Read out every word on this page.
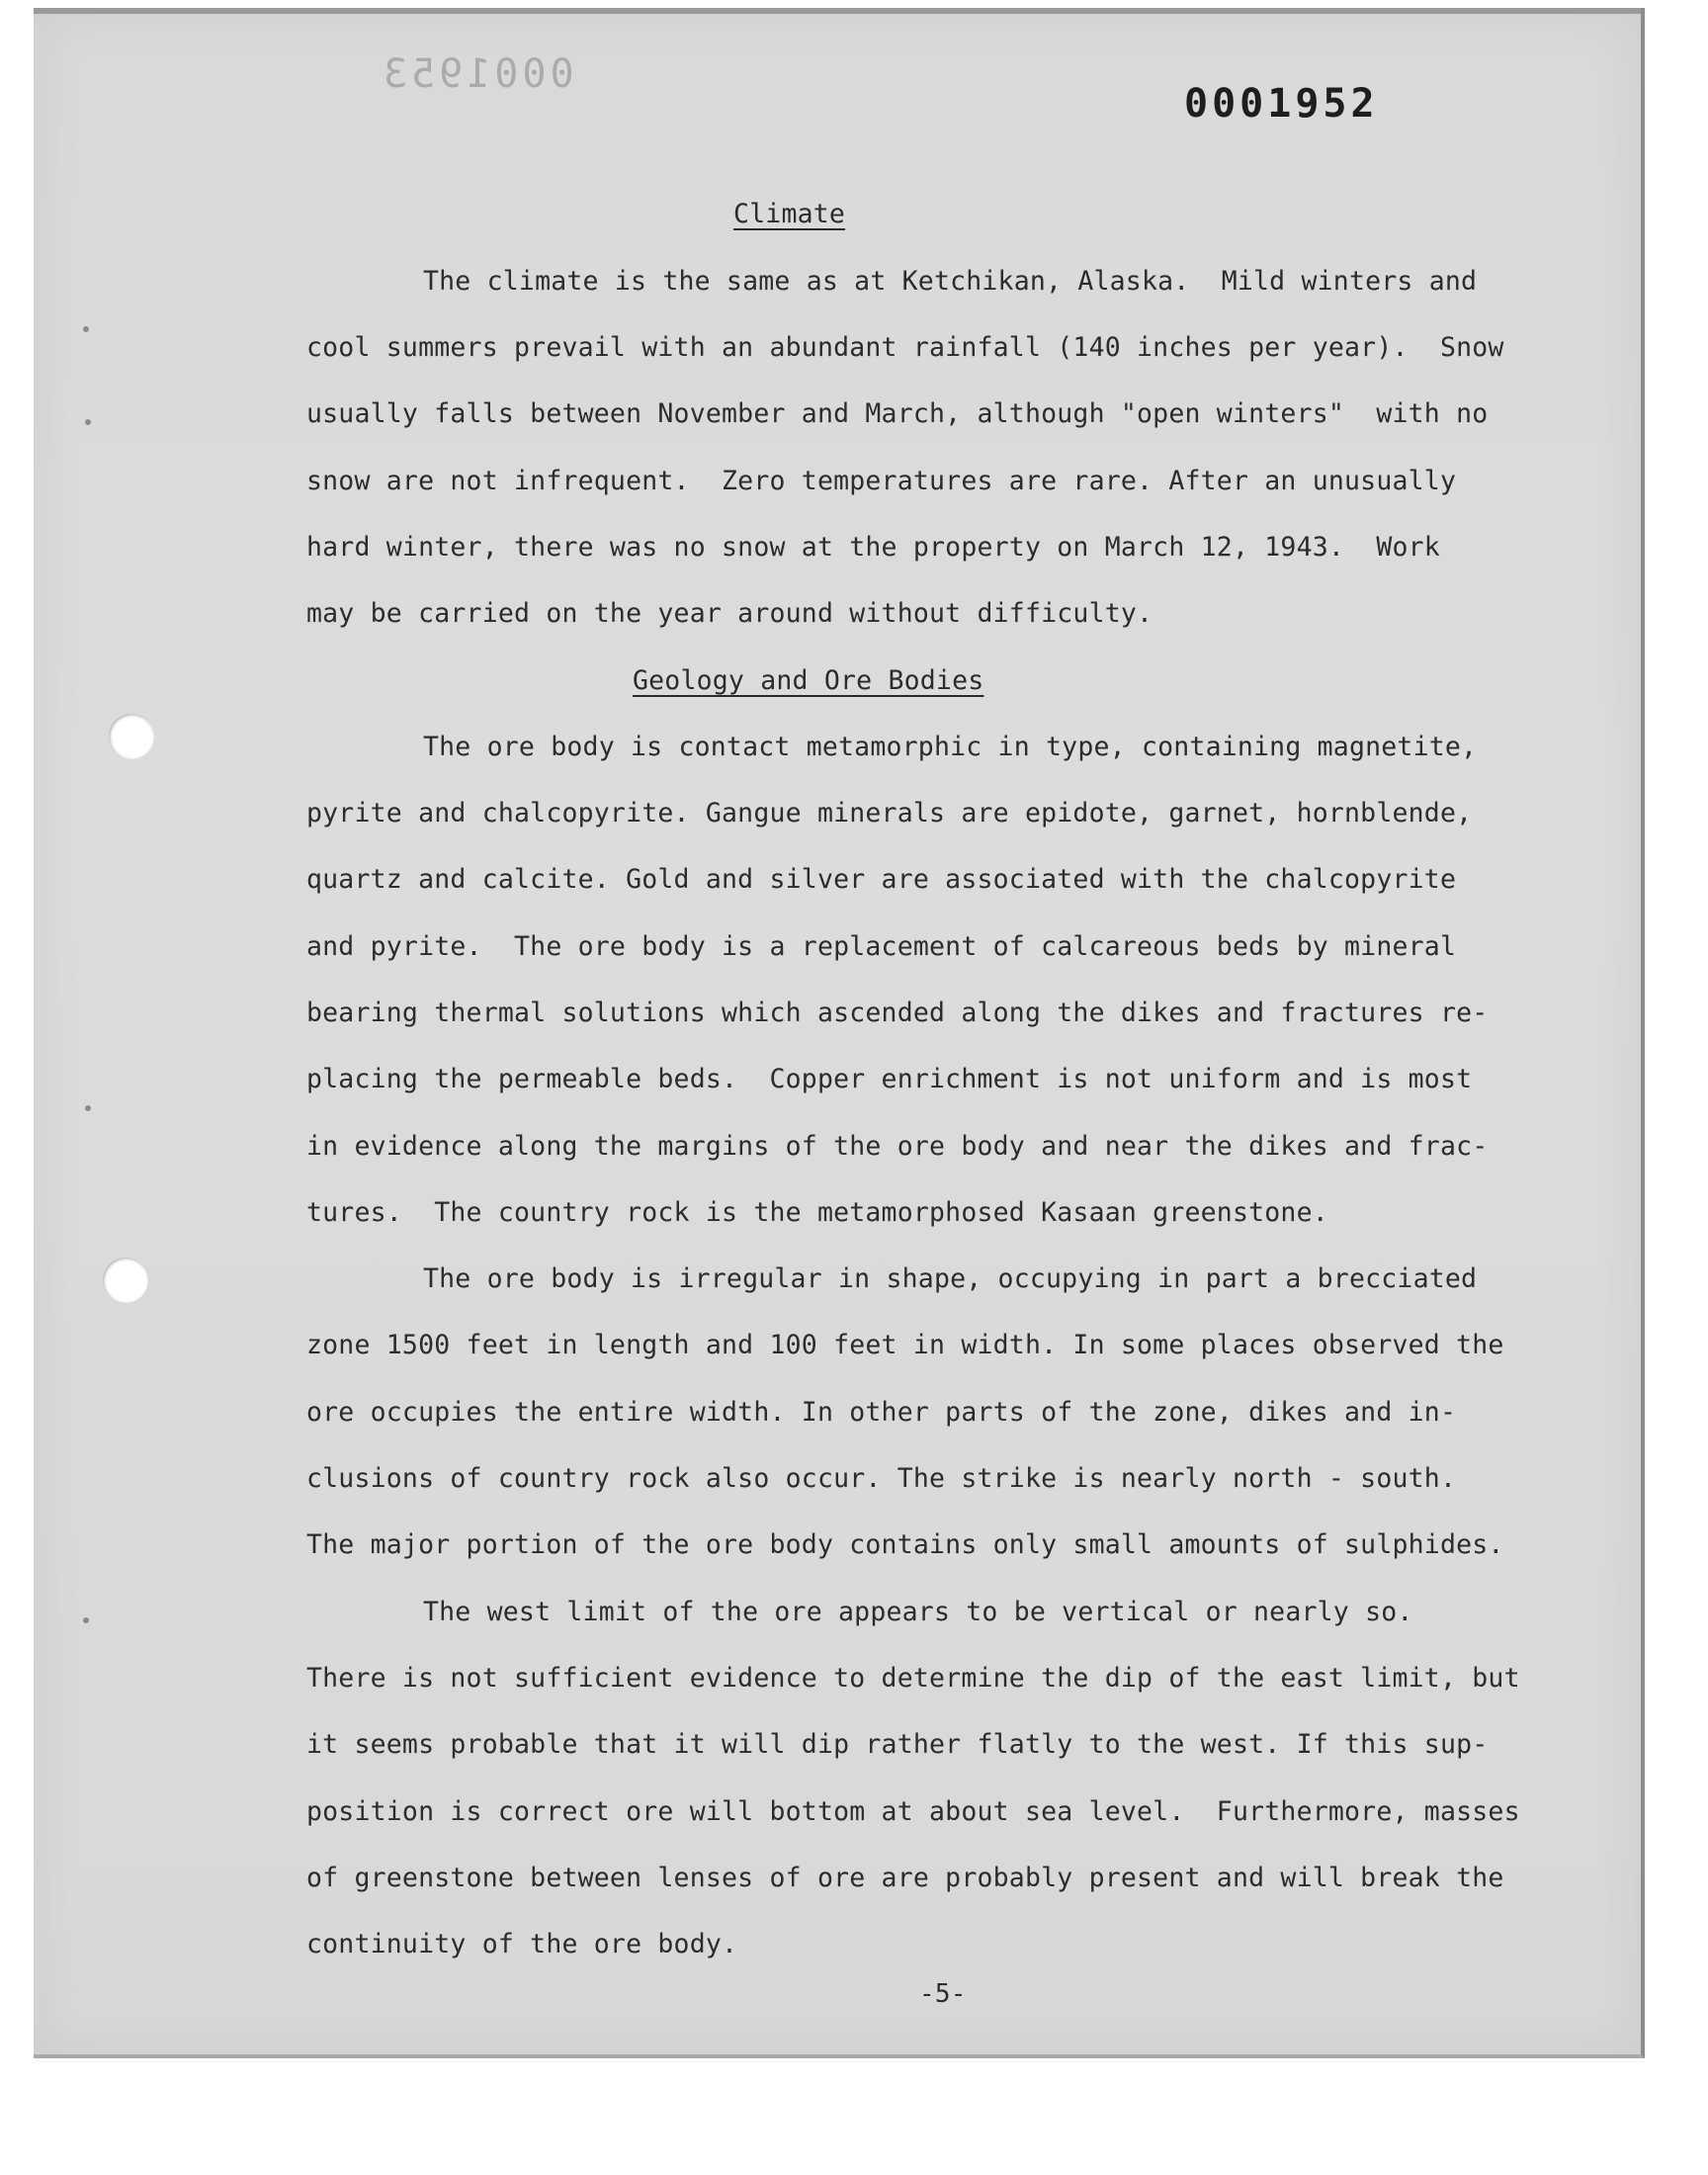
0001953
0001952
Climate
The climate is the same as at Ketchikan, Alaska.  Mild winters and
cool summers prevail with an abundant rainfall (140 inches per year).  Snow
usually falls between November and March, although "open winters"  with no
snow are not infrequent.  Zero temperatures are rare. After an unusually
hard winter, there was no snow at the property on March 12, 1943.  Work
may be carried on the year around without difficulty.
Geology and Ore Bodies
The ore body is contact metamorphic in type, containing magnetite,
pyrite and chalcopyrite. Gangue minerals are epidote, garnet, hornblende,
quartz and calcite. Gold and silver are associated with the chalcopyrite
and pyrite.  The ore body is a replacement of calcareous beds by mineral
bearing thermal solutions which ascended along the dikes and fractures re-
placing the permeable beds.  Copper enrichment is not uniform and is most
in evidence along the margins of the ore body and near the dikes and frac-
tures.  The country rock is the metamorphosed Kasaan greenstone.
The ore body is irregular in shape, occupying in part a brecciated
zone 1500 feet in length and 100 feet in width. In some places observed the
ore occupies the entire width. In other parts of the zone, dikes and in-
clusions of country rock also occur. The strike is nearly north - south.
The major portion of the ore body contains only small amounts of sulphides.
The west limit of the ore appears to be vertical or nearly so.
There is not sufficient evidence to determine the dip of the east limit, but
it seems probable that it will dip rather flatly to the west. If this sup-
position is correct ore will bottom at about sea level.  Furthermore, masses
of greenstone between lenses of ore are probably present and will break the
continuity of the ore body.
-5-
